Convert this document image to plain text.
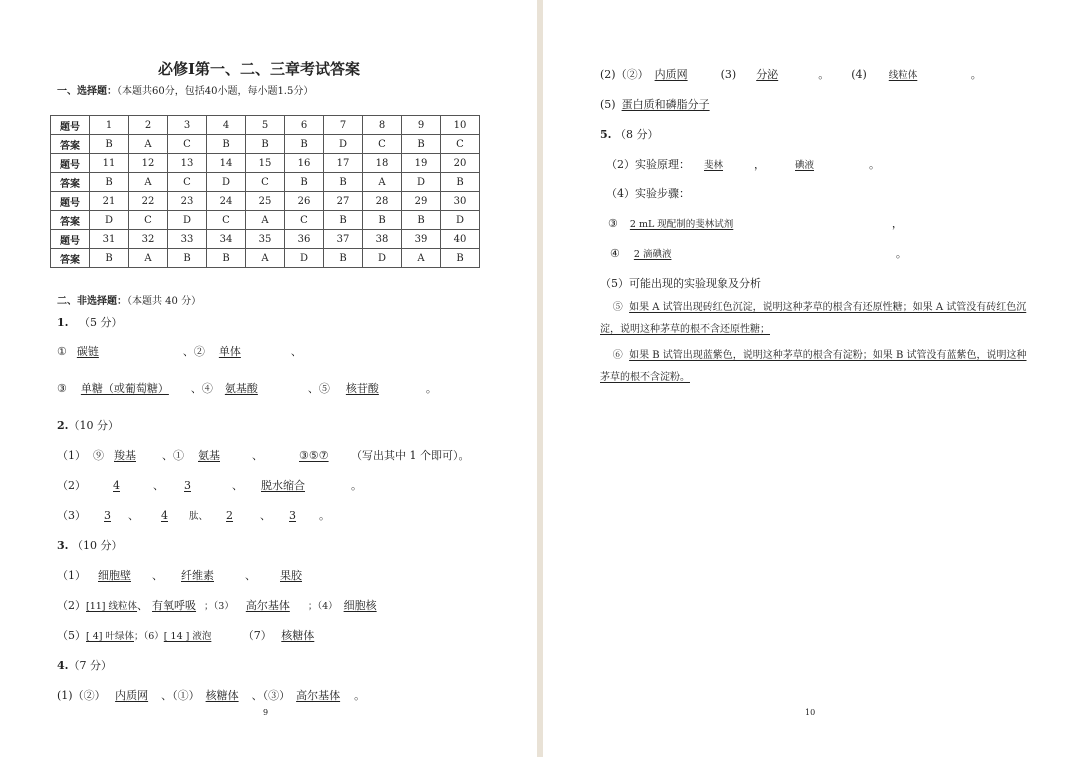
必修Ⅰ第一、二、三章考试答案
一、选择题：（本题共60分，包括40小题，每小题1.5分）
题号	1	2	3	4	5	6	7	8	9	10
答案	B	A	C	B	B	B	D	C	B	C
题号	11	12	13	14	15	16	17	18	19	20
答案	B	A	C	D	C	B	B	A	D	B
题号	21	22	23	24	25	26	27	28	29	30
答案	D	C	D	C	A	C	B	B	B	D
题号	31	32	33	34	35	36	37	38	39	40
答案	B	A	B	B	A	D	B	D	A	B
二、非选择题：（本题共 40 分）
1. （5 分）
① 碳链	、② 单体	、
③ 单糖（或葡萄糖） 、④ 氨基酸	、⑤ 核苷酸	。
2.（10 分）
（1） ⑨ 羧基 、① 氨基	、	③⑤⑦ （写出其中 1 个即可）。
（2） 4	、 3	、 脱水缩合	。
（3） 3 、 4 肽、 2 、 3 。
3. （10 分）
（1） 细胞壁 、 纤维素	、 果胶
（2）[11] 线粒体、 有氧呼吸 ；（3） 高尔基体 ；（4） 细胞核
（5）[ 4] 叶绿体；（6）[ 14 ] 液泡	（7） 核糖体
4.（7 分）
(1)（②） 内质网 、（①） 核糖体 、（③） 高尔基体 。
9
(2)（②） 内质网	(3) 分泌	。 (4) 线粒体	。
(5) 蛋白质和磷脂分子
5. （8 分）
（2）实验原理： 斐林	，	碘液	。
（4）实验步骤：
③ 2 mL 现配制的斐林试剂	，
④ 2 滴碘液	。
（5）可能出现的实验现象及分析
⑤ 如果 A 试管出现砖红色沉淀，说明这种茅草的根含有还原性糖；如果 A 试管没有砖红色沉淀，说明这种茅草的根不含还原性糖；
⑥ 如果 B 试管出现蓝紫色，说明这种茅草的根含有淀粉；如果 B 试管没有蓝紫色，说明这种茅草的根不含淀粉。
10
